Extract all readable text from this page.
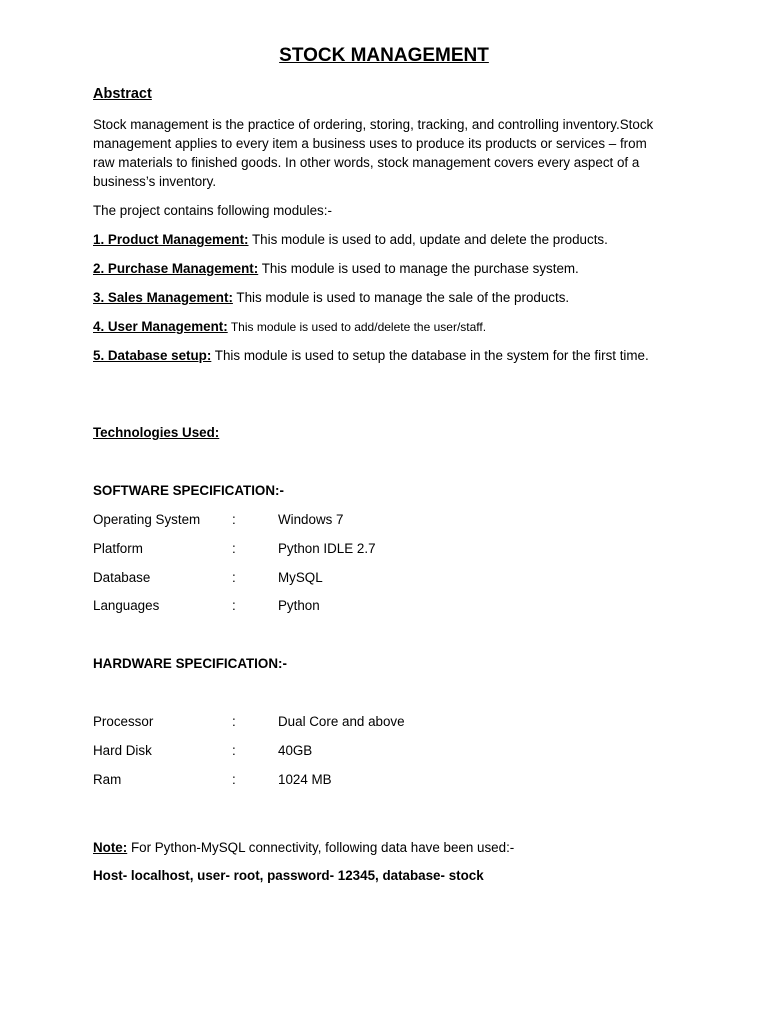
STOCK MANAGEMENT
Abstract
Stock management is the practice of ordering, storing, tracking, and controlling inventory.Stock management applies to every item a business uses to produce its products or services – from raw materials to finished goods. In other words, stock management covers every aspect of a business’s inventory.
The project contains following modules:-
1. Product Management: This module is used to add, update and delete the products.
2. Purchase Management: This module is used to manage the purchase system.
3. Sales Management: This module is used to manage the sale of the products.
4. User Management: This module is used to add/delete the user/staff.
5. Database setup: This module is used to setup the database in the system for the first time.
Technologies Used:
SOFTWARE SPECIFICATION:-
Operating System :	Windows 7
Platform	:	Python IDLE 2.7
Database	:	MySQL
Languages	:	Python
HARDWARE SPECIFICATION:-
Processor	:	Dual Core and above
Hard Disk	:	40GB
Ram	:	1024 MB
Note: For Python-MySQL connectivity, following data have been used:-
Host- localhost, user- root, password- 12345, database- stock
